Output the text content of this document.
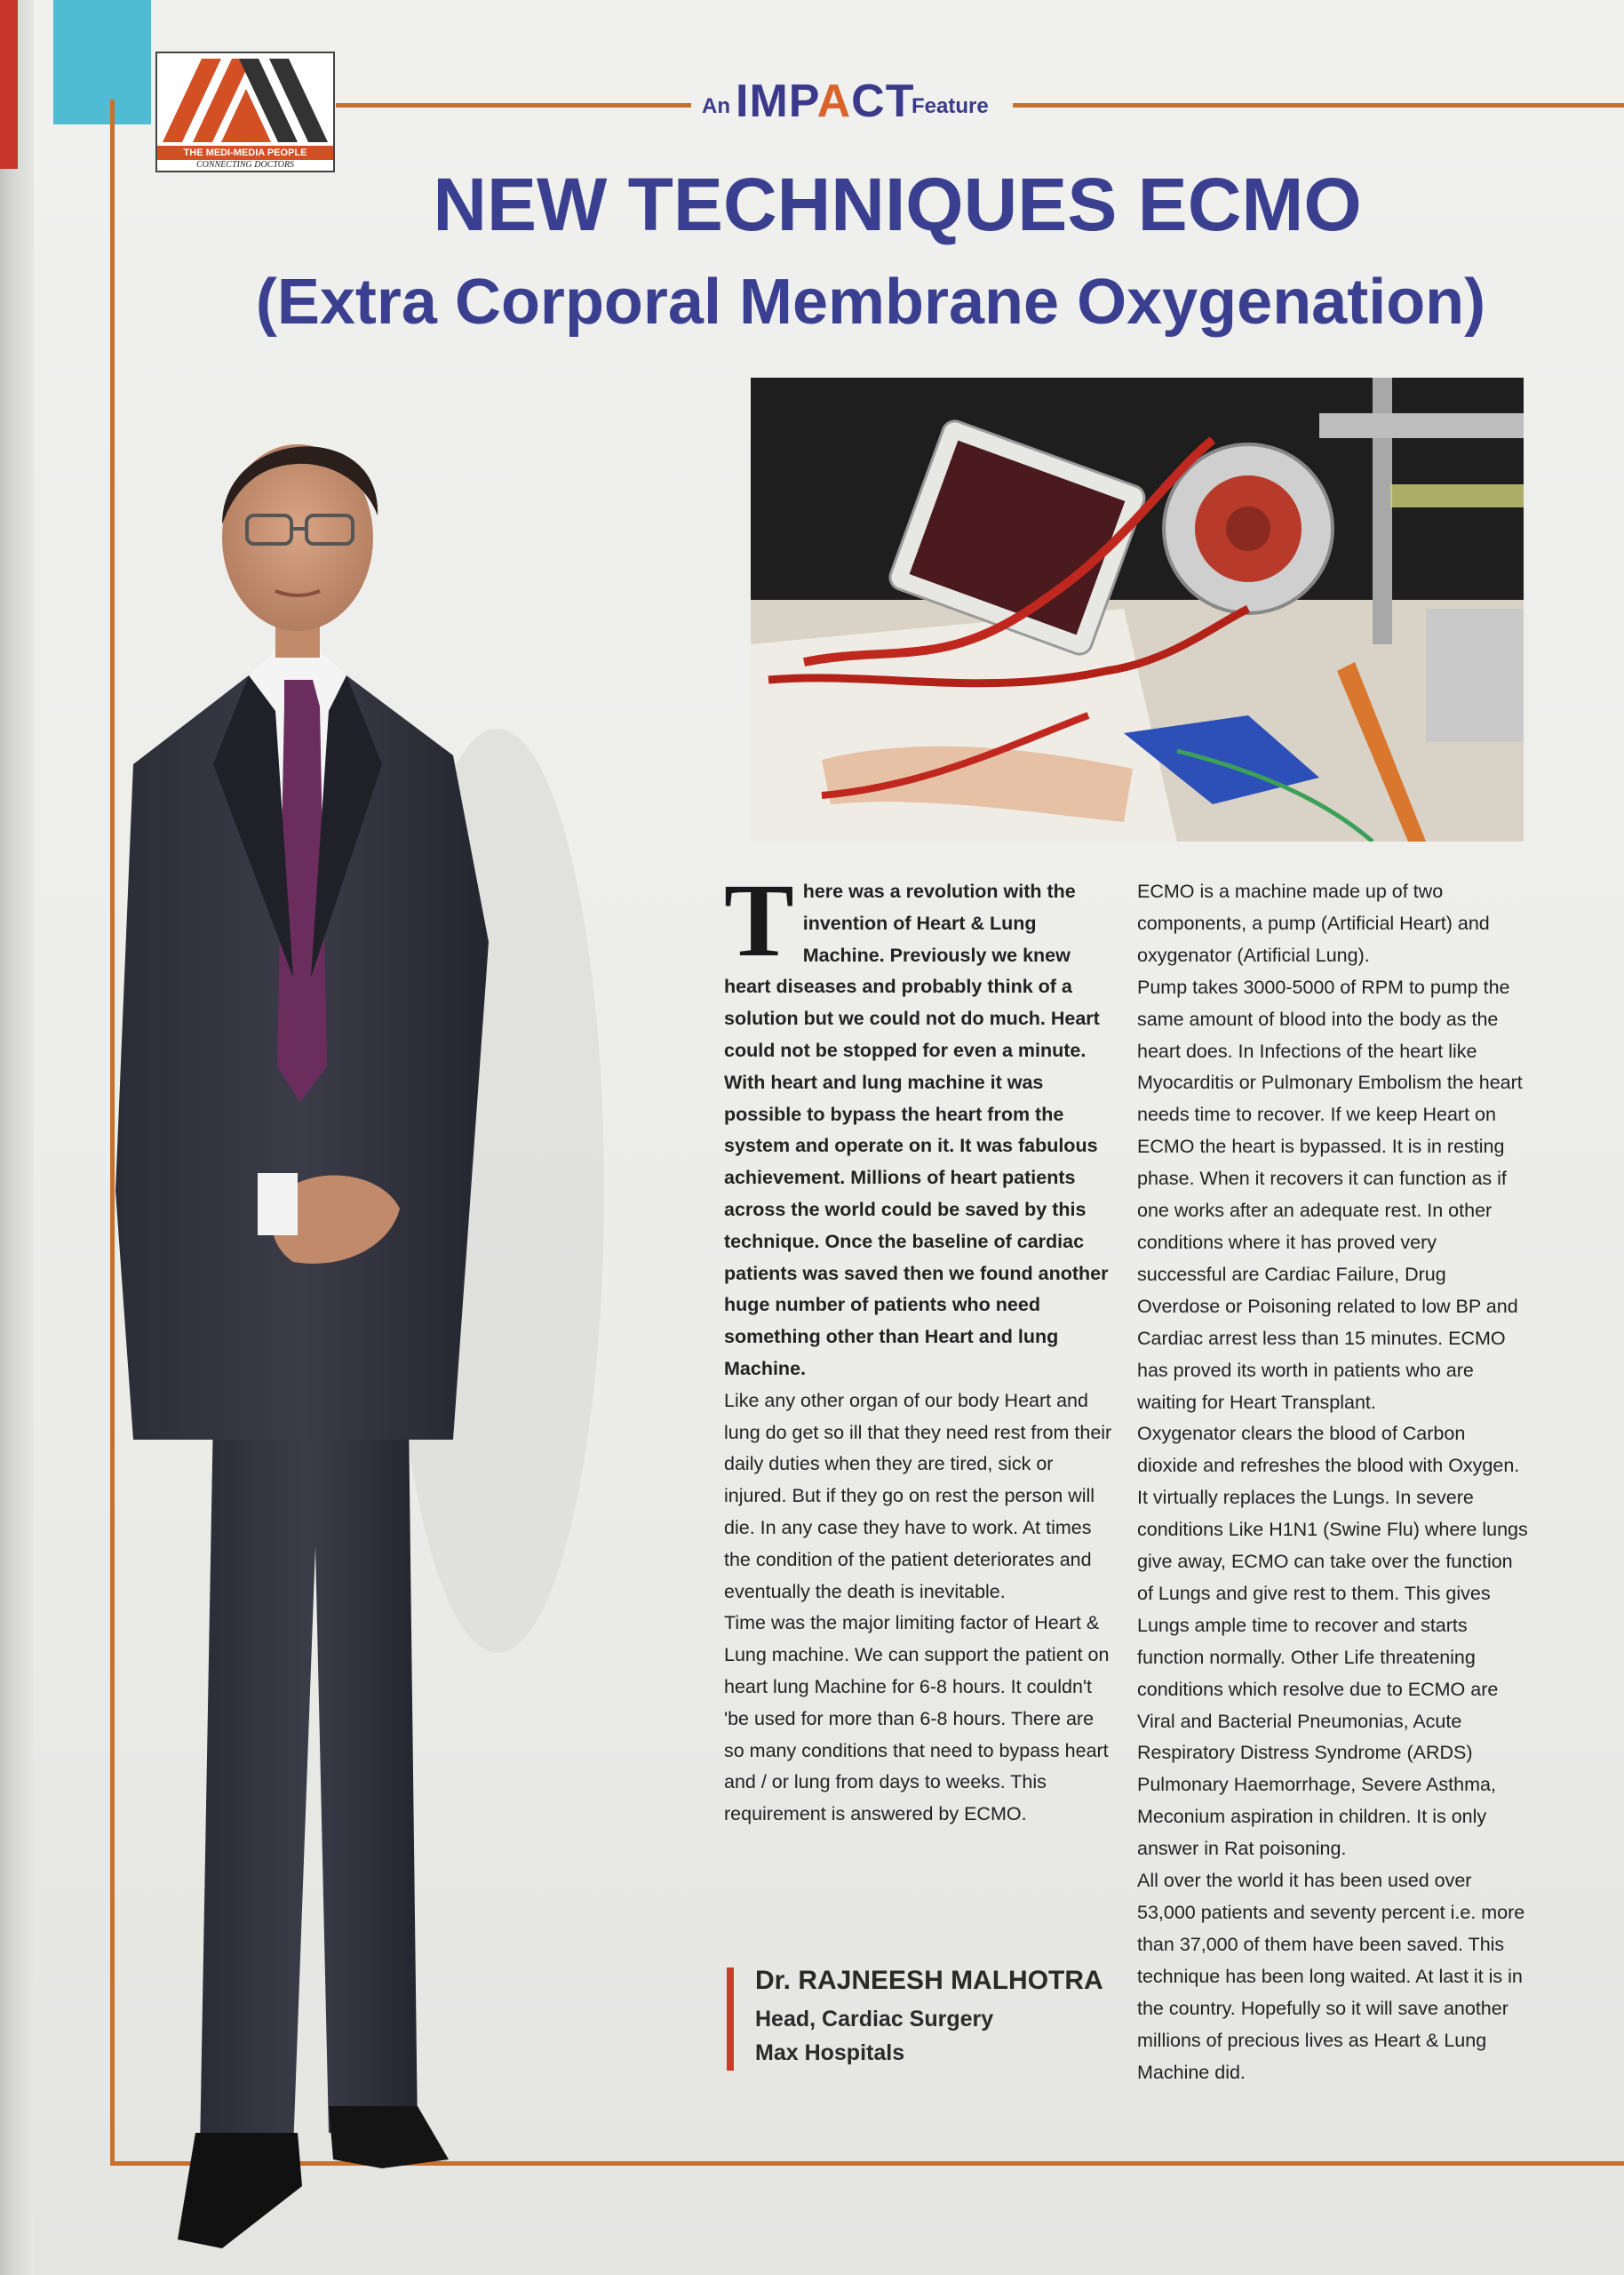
THE MEDI-MEDIA PEOPLE
CONNECTING DOCTORS
An IMPACT
Feature
NEW TECHNIQUES ECMO
(Extra Corporal Membrane Oxygenation)

There was a revolution with the invention of Heart & Lung Machine. Previously we knew heart diseases and probably think of a solution but we could not do much. Heart could not be stopped for even a minute. With heart and lung machine it was possible to bypass the heart from the system and operate on it. It was fabulous achievement. Millions of heart patients across the world could be saved by this technique. Once the baseline of cardiac patients was saved then we found another huge number of patients who need something other than Heart and lung Machine.

Like any other organ of our body Heart and lung do get so ill that they need rest from their daily duties when they are tired, sick or injured. But if they go on rest the person will die. In any case they have to work. At times the condition of the patient deteriorates and eventually the death is inevitable.

Time was the major limiting factor of Heart & Lung machine. We can support the patient on heart lung Machine for 6-8 hours. It couldn't 'be used for more than 6-8 hours. There are so many conditions that need to bypass heart and / or lung from days to weeks. This requirement is answered by ECMO.

ECMO is a machine made up of two components, a pump (Artificial Heart) and oxygenator (Artificial Lung).

Pump takes 3000-5000 of RPM to pump the same amount of blood into the body as the heart does. In Infections of the heart like Myocarditis or Pulmonary Embolism the heart needs time to recover. If we keep Heart on ECMO the heart is bypassed. It is in resting phase. When it recovers it can function as if one works after an adequate rest. In other conditions where it has proved very successful are Cardiac Failure, Drug Overdose or Poisoning related to low BP and Cardiac arrest less than 15 minutes. ECMO has proved its worth in patients who are waiting for Heart Transplant.

Oxygenator clears the blood of Carbon dioxide and refreshes the blood with Oxygen. It virtually replaces the Lungs. In severe conditions Like H1N1 (Swine Flu) where lungs give away, ECMO can take over the function of Lungs and give rest to them. This gives Lungs ample time to recover and starts function normally. Other Life threatening conditions which resolve due to ECMO are Viral and Bacterial Pneumonias, Acute Respiratory Distress Syndrome (ARDS) Pulmonary Haemorrhage, Severe Asthma, Meconium aspiration in children. It is only answer in Rat poisoning.

All over the world it has been used over 53,000 patients and seventy percent i.e. more than 37,000 of them have been saved. This technique has been long waited. At last it is in the country. Hopefully so it will save another millions of precious lives as Heart & Lung Machine did.

Dr. RAJNEESH MALHOTRA
Head, Cardiac Surgery
Max Hospitals
